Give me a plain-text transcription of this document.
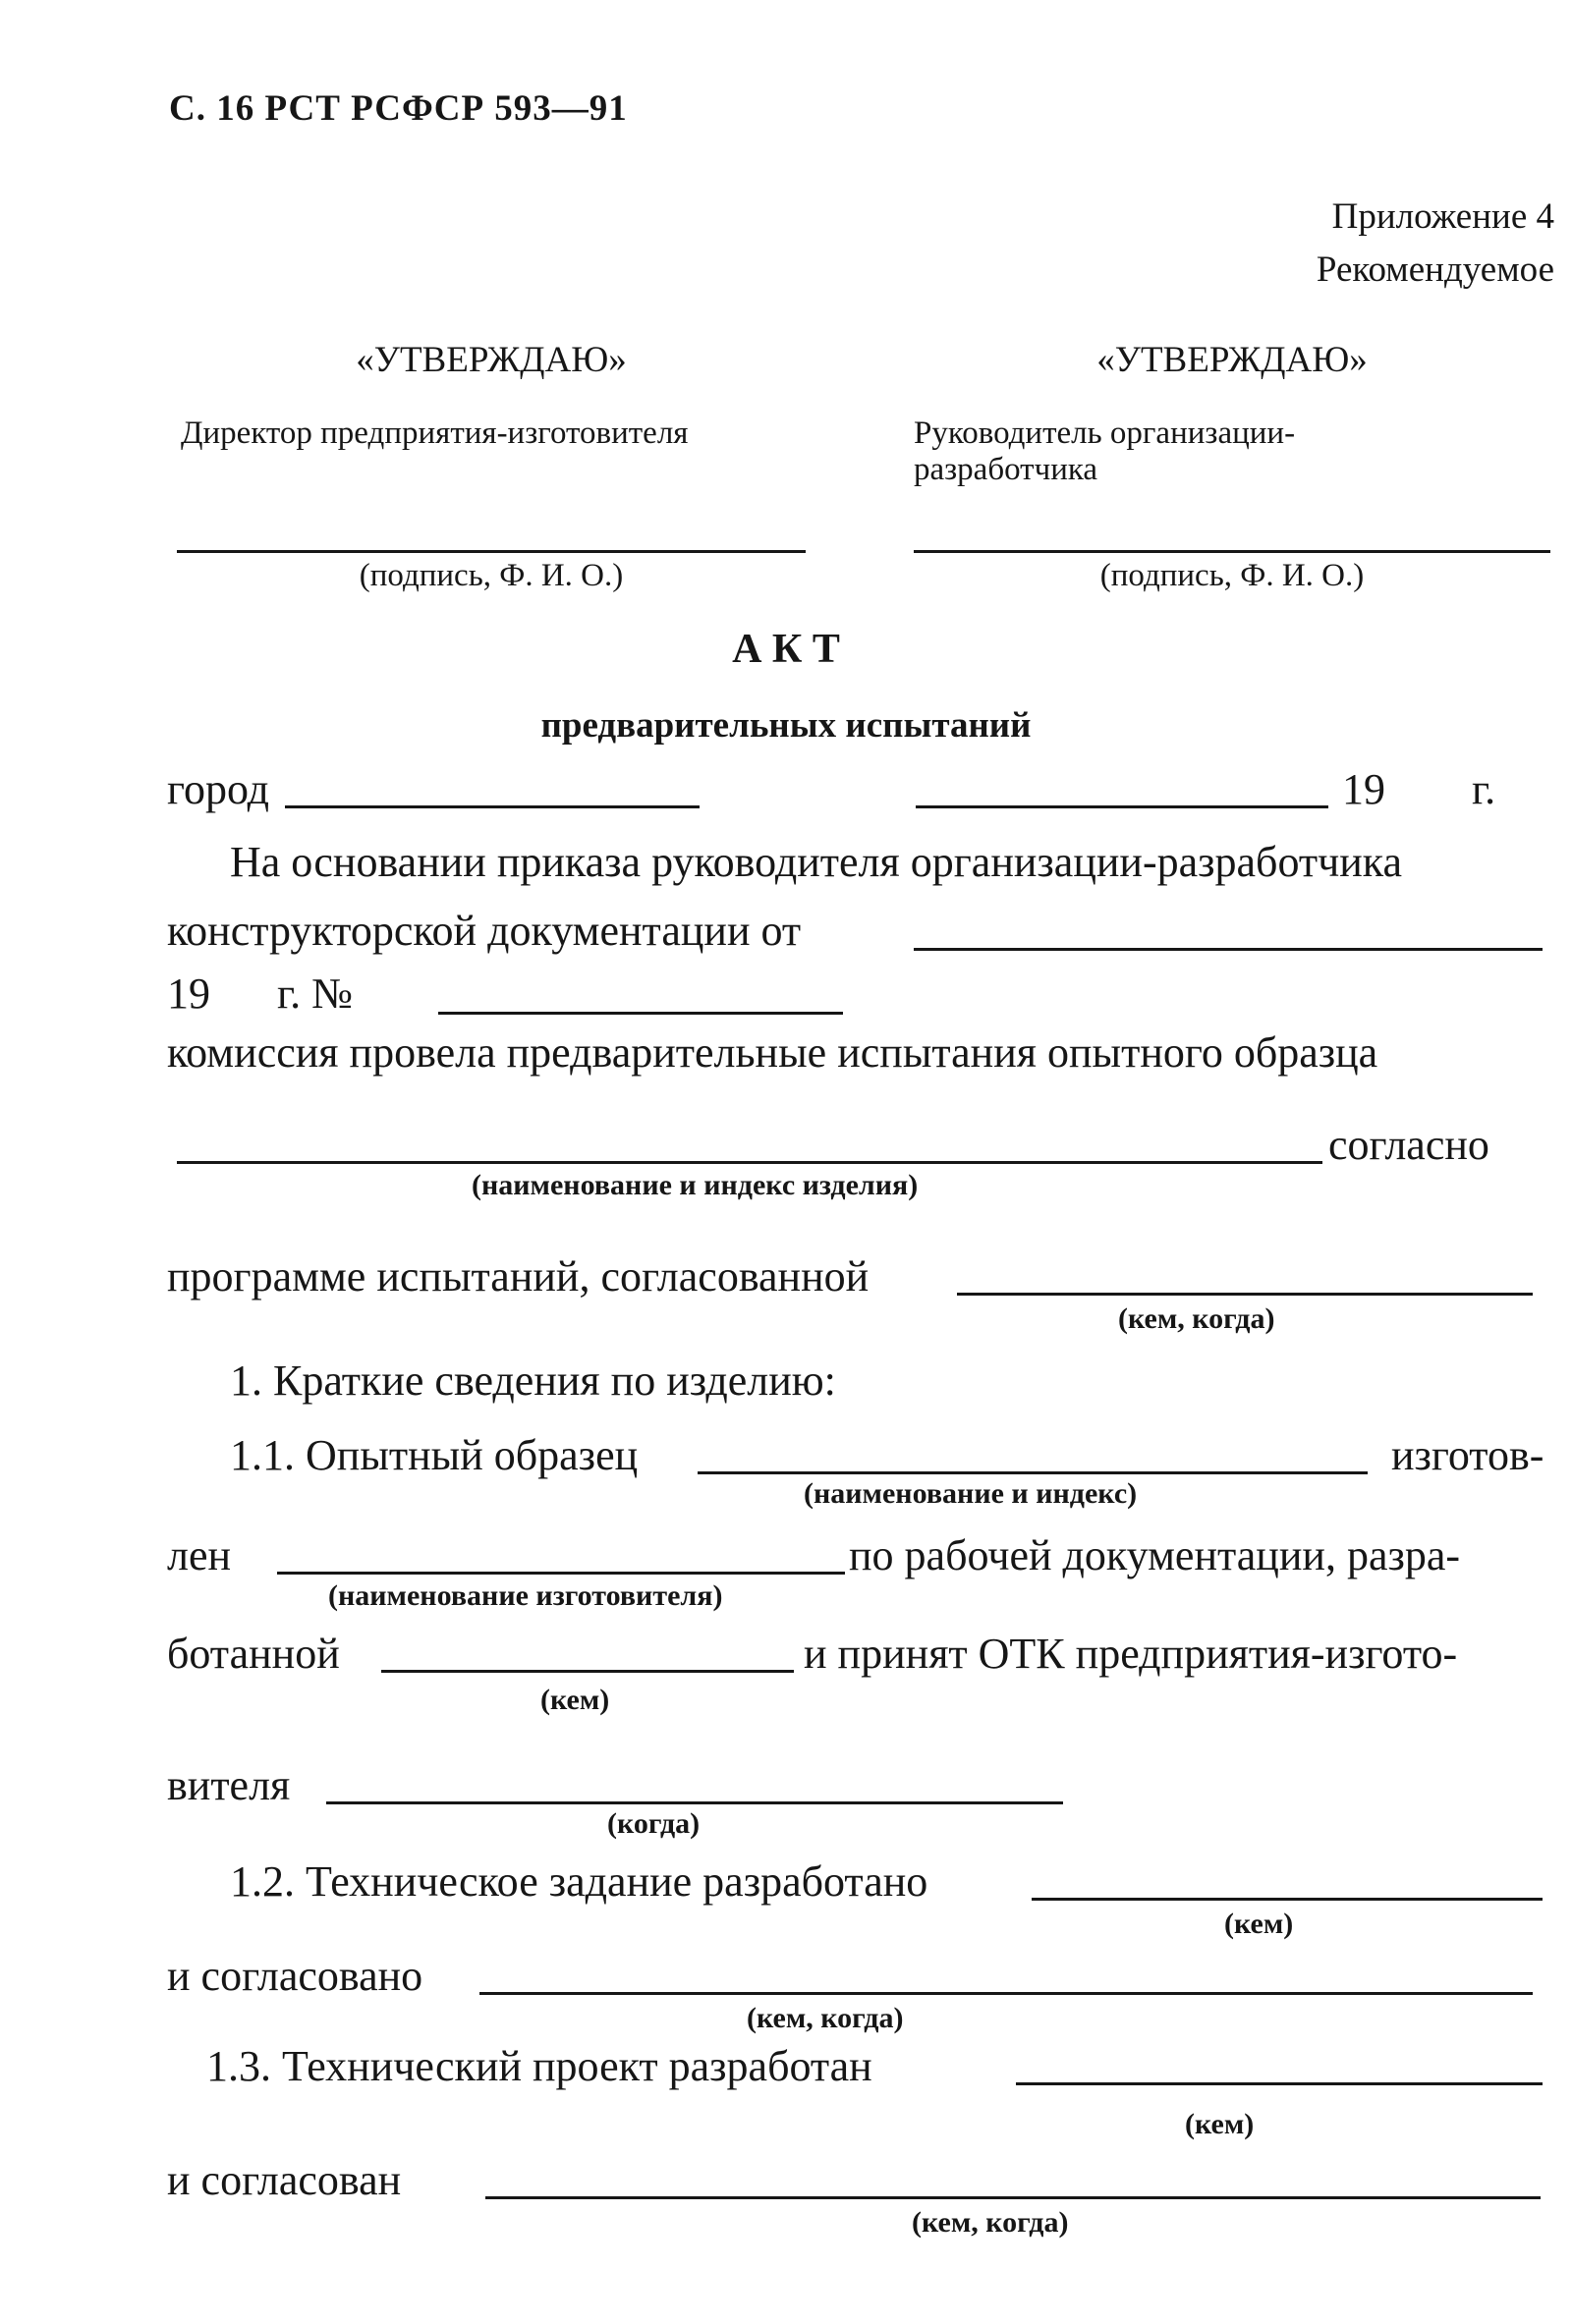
С. 16 РСТ РСФСР 593—91
Приложение 4
Рекомендуемое
«УТВЕРЖДАЮ»
Директор предприятия-изготовителя
(подпись, Ф. И. О.)
«УТВЕРЖДАЮ»
Руководитель организации-
разработчика
(подпись, Ф. И. О.)
А К Т
предварительных испытаний
город	19 г.
На основании приказа руководителя организации-разработчика
конструкторской документации от
19 г. №
комиссия провела предварительные испытания опытного образца
согласно
(наименование и индекс изделия)
программе испытаний, согласованной
(кем, когда)
1. Краткие сведения по изделию:
1.1. Опытный образец	изготов-
(наименование и индекс)
лен	по рабочей документации, разра-
(наименование изготовителя)
ботанной	и принят ОТК предприятия-изгото-
(кем)
вителя
(когда)
1.2. Техническое задание разработано
(кем)
и согласовано
(кем, когда)
1.3. Технический проект разработан
(кем)
и согласован
(кем, когда)
